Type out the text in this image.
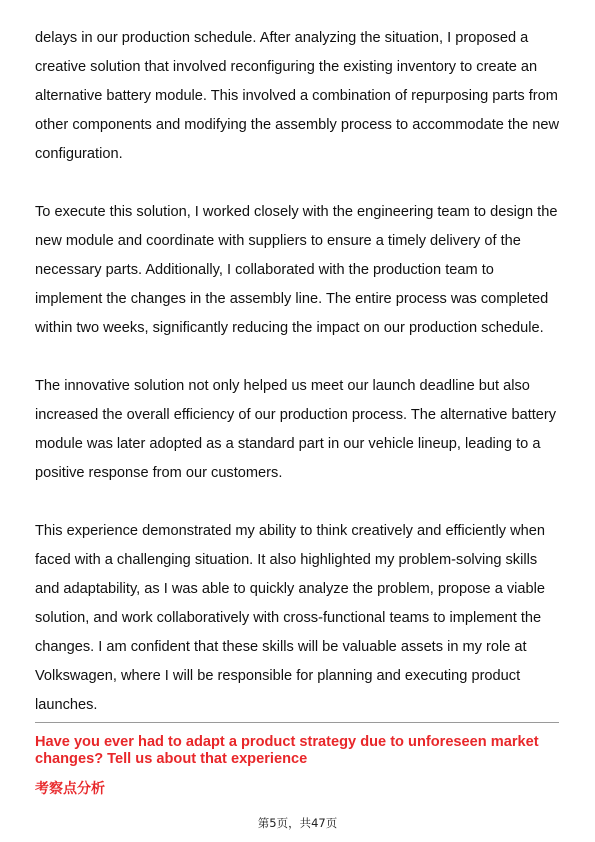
delays in our production schedule. After analyzing the situation, I proposed a creative solution that involved reconfiguring the existing inventory to create an alternative battery module. This involved a combination of repurposing parts from other components and modifying the assembly process to accommodate the new configuration.

To execute this solution, I worked closely with the engineering team to design the new module and coordinate with suppliers to ensure a timely delivery of the necessary parts. Additionally, I collaborated with the production team to implement the changes in the assembly line. The entire process was completed within two weeks, significantly reducing the impact on our production schedule.

The innovative solution not only helped us meet our launch deadline but also increased the overall efficiency of our production process. The alternative battery module was later adopted as a standard part in our vehicle lineup, leading to a positive response from our customers.

This experience demonstrated my ability to think creatively and efficiently when faced with a challenging situation. It also highlighted my problem-solving skills and adaptability, as I was able to quickly analyze the problem, propose a viable solution, and work collaboratively with cross-functional teams to implement the changes. I am confident that these skills will be valuable assets in my role at Volkswagen, where I will be responsible for planning and executing product launches.

Have you ever had to adapt a product strategy due to unforeseen market changes? Tell us about that experience

考察点分析

第5页，共47页
